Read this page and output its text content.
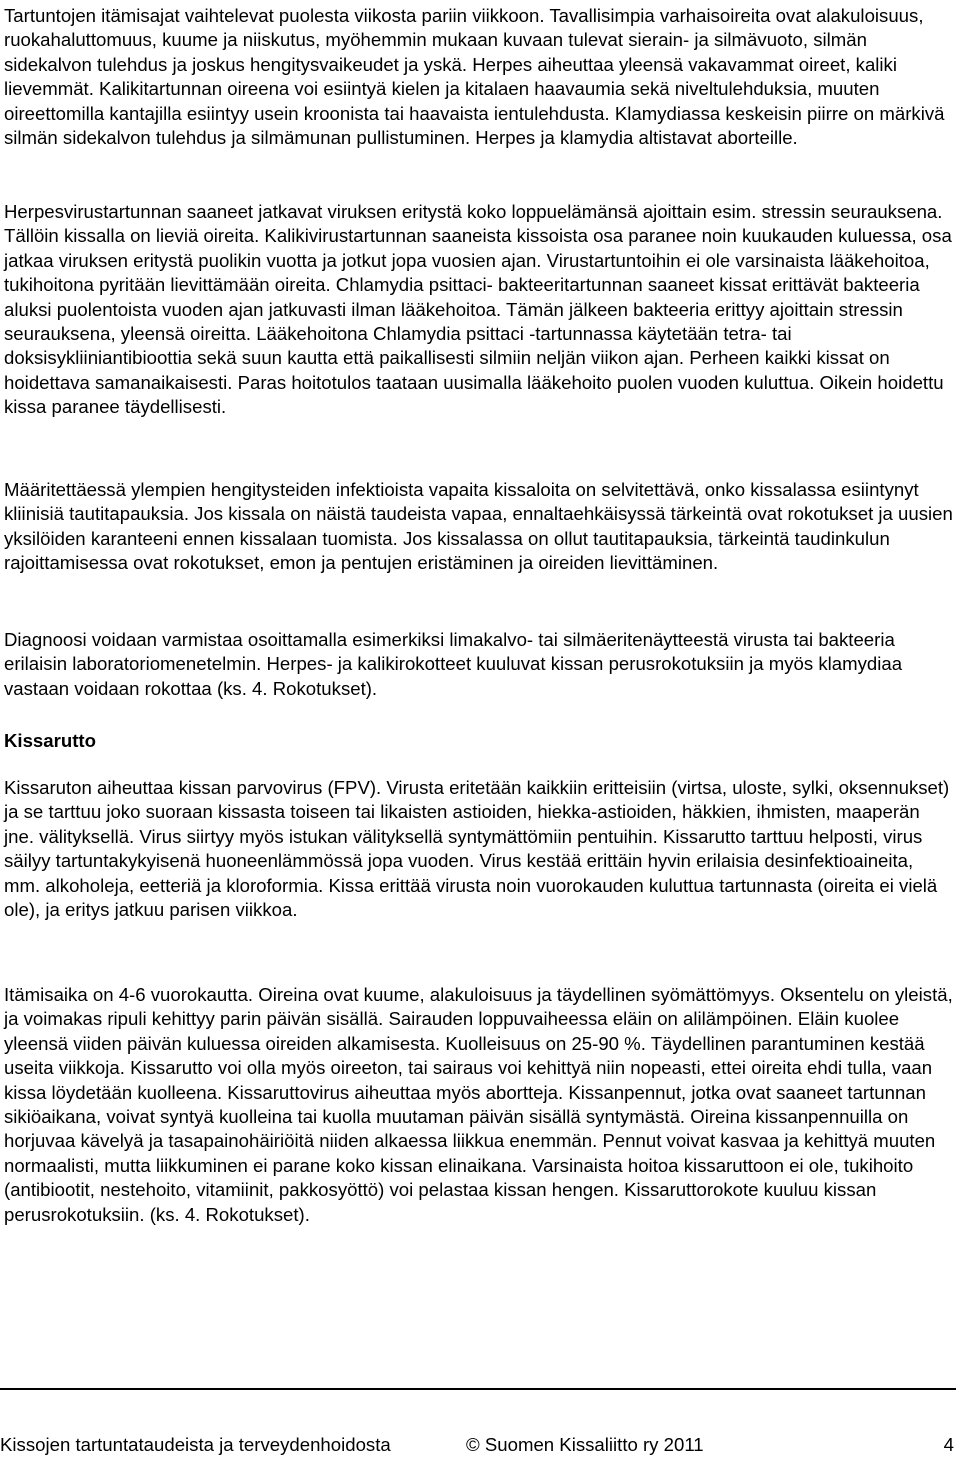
Tartuntojen itämisajat vaihtelevat puolesta viikosta pariin viikkoon. Tavallisimpia varhaisoireita ovat alakuloisuus, ruokahaluttomuus, kuume ja niiskutus, myöhemmin mukaan kuvaan tulevat sierain- ja silmävuoto, silmän sidekalvon tulehdus ja joskus hengitysvaikeudet ja yskä. Herpes aiheuttaa yleensä vakavammat oireet, kaliki lievemmät. Kalikitartunnan oireena voi esiintyä kielen ja kitalaen haavaumia sekä niveltulehduksia, muuten oireettomilla kantajilla esiintyy usein kroonista tai haavaista ientulehdusta. Klamydiassa keskeisin piirre on märkivä silmän sidekalvon tulehdus ja silmämunan pullistuminen. Herpes ja klamydia altistavat aborteille.

Herpesvirustartunnan saaneet jatkavat viruksen eritystä koko loppuelämänsä ajoittain esim. stressin seurauksena. Tällöin kissalla on lieviä oireita. Kalikivirustartunnan saaneista kissoista osa paranee noin kuukauden kuluessa, osa jatkaa viruksen eritystä puolikin vuotta ja jotkut jopa vuosien ajan. Virustartuntoihin ei ole varsinaista lääkehoitoa, tukihoitona pyritään lievittämään oireita. Chlamydia psittaci- bakteeritartunnan saaneet kissat erittävät bakteeria aluksi puolentoista vuoden ajan jatkuvasti ilman lääkehoitoa. Tämän jälkeen bakteeria erittyy ajoittain stressin seurauksena, yleensä oireitta. Lääkehoitona Chlamydia psittaci -tartunnassa käytetään tetra- tai doksisykliiniantibioottia sekä suun kautta että paikallisesti silmiin neljän viikon ajan. Perheen kaikki kissat on hoidettava samanaikaisesti. Paras hoitotulos taataan uusimalla lääkehoito puolen vuoden kuluttua. Oikein hoidettu kissa paranee täydellisesti.

Määritettäessä ylempien hengitysteiden infektioista vapaita kissaloita on selvitettävä, onko kissalassa esiintynyt kliinisiä tautitapauksia. Jos kissala on näistä taudeista vapaa, ennaltaehkäisyssä tärkeintä ovat rokotukset ja uusien yksilöiden karanteeni ennen kissalaan tuomista. Jos kissalassa on ollut tautitapauksia, tärkeintä taudinkulun rajoittamisessa ovat rokotukset, emon ja pentujen eristäminen ja oireiden lievittäminen.

Diagnoosi voidaan varmistaa osoittamalla esimerkiksi limakalvo- tai silmäeritenäytteestä virusta tai bakteeria erilaisin laboratoriomenetelmin. Herpes- ja kalikirokotteet kuuluvat kissan perusrokotuksiin ja myös klamydiaa vastaan voidaan rokottaa (ks. 4. Rokotukset).

Kissarutto

Kissaruton aiheuttaa kissan parvovirus (FPV). Virusta eritetään kaikkiin eritteisiin (virtsa, uloste, sylki, oksennukset) ja se tarttuu joko suoraan kissasta toiseen tai likaisten astioiden, hiekka-astioiden, häkkien, ihmisten, maaperän jne. välityksellä. Virus siirtyy myös istukan välityksellä syntymättömiin pentuihin. Kissarutto tarttuu helposti, virus säilyy tartuntakykyisenä huoneenlämmössä jopa vuoden. Virus kestää erittäin hyvin erilaisia desinfektioaineita, mm. alkoholeja, eetteriä ja kloroformia. Kissa erittää virusta noin vuorokauden kuluttua tartunnasta (oireita ei vielä ole), ja eritys jatkuu parisen viikkoa.

Itämisaika on 4-6 vuorokautta. Oireina ovat kuume, alakuloisuus ja täydellinen syömättömyys. Oksentelu on yleistä, ja voimakas ripuli kehittyy parin päivän sisällä. Sairauden loppuvaiheessa eläin on alilämpöinen. Eläin kuolee yleensä viiden päivän kuluessa oireiden alkamisesta. Kuolleisuus on 25-90 %. Täydellinen parantuminen kestää useita viikkoja. Kissarutto voi olla myös oireeton, tai sairaus voi kehittyä niin nopeasti, ettei oireita ehdi tulla, vaan kissa löydetään kuolleena. Kissaruttovirus aiheuttaa myös abortteja. Kissanpennut, jotka ovat saaneet tartunnan sikiöaikana, voivat syntyä kuolleina tai kuolla muutaman päivän sisällä syntymästä. Oireina kissanpennuilla on horjuvaa kävelyä ja tasapainohäiriöitä niiden alkaessa liikkua enemmän. Pennut voivat kasvaa ja kehittyä muuten normaalisti, mutta liikkuminen ei parane koko kissan elinaikana. Varsinaista hoitoa kissaruttoon ei ole, tukihoito (antibiootit, nestehoito, vitamiinit, pakkosyöttö) voi pelastaa kissan hengen. Kissaruttorokote kuuluu kissan perusrokotuksiin. (ks. 4. Rokotukset).

Kissojen tartuntataudeista ja terveydenhoidosta	© Suomen Kissaliitto ry 2011	4
